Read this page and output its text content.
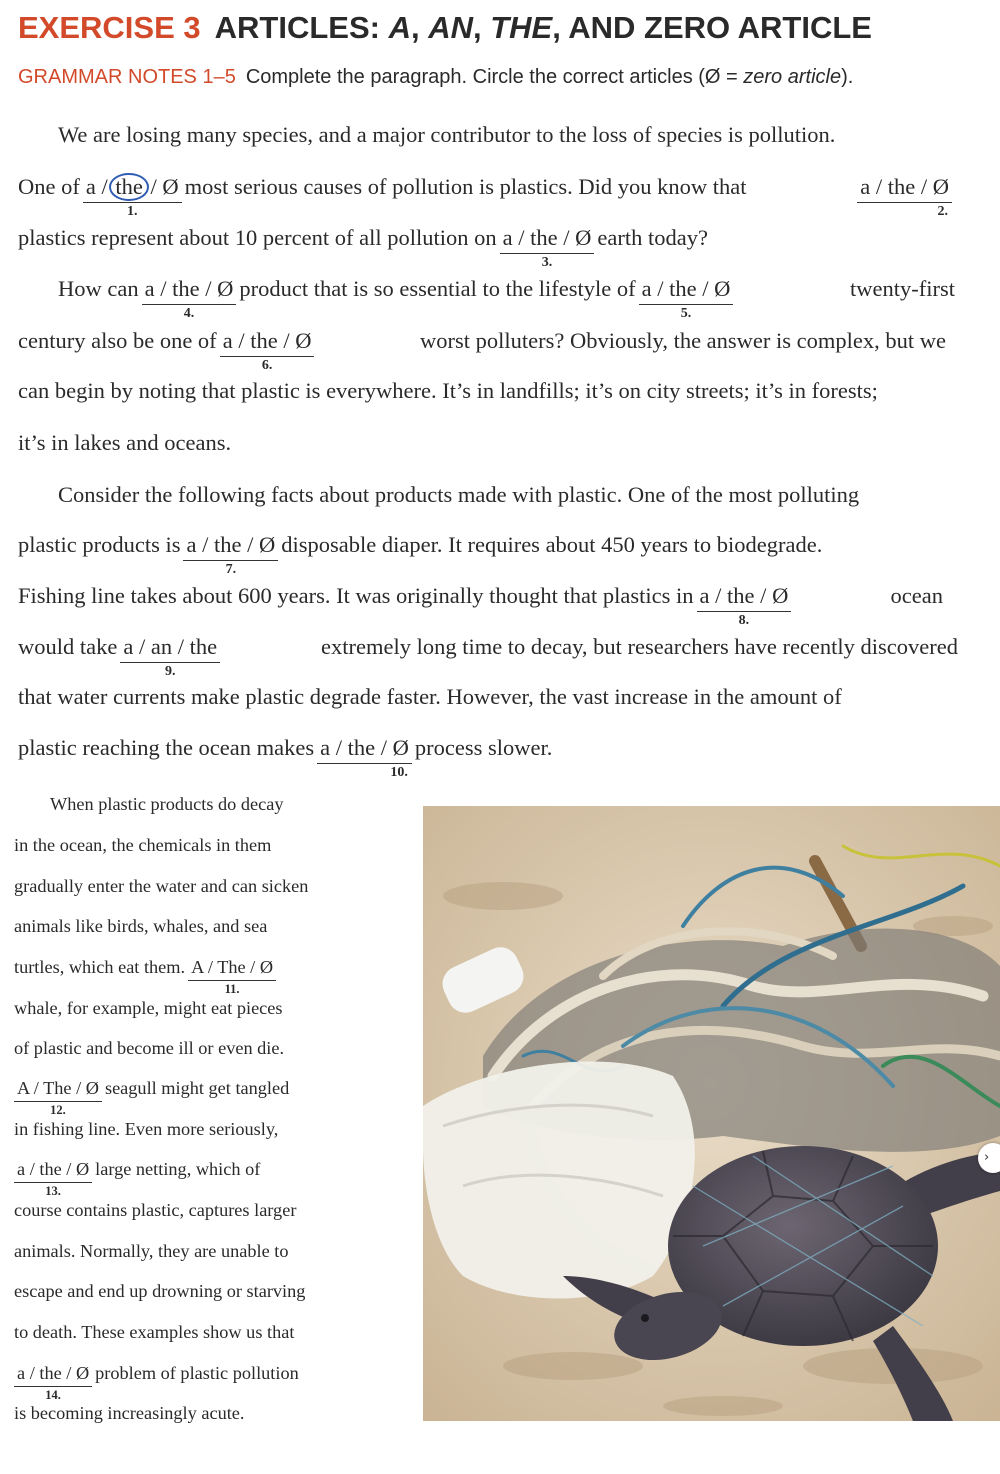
EXERCISE 3 ARTICLES: A, AN, THE, AND ZERO ARTICLE
GRAMMAR NOTES 1–5 Complete the paragraph. Circle the correct articles (Ø = zero article).
We are losing many species, and a major contributor to the loss of species is pollution.
One of a / the / Ø
1.
most serious causes of pollution is plastics. Did you know that	a / the / Ø
2.
plastics represent about 10 percent of all pollution on a / the / Ø
3.
earth today?
How can a / the / Ø
4.
product that is so essential to the lifestyle of a / the / Ø
5.
twenty-first
century also be one of a / the / Ø
6.
worst polluters? Obviously, the answer is complex, but we
can begin by noting that plastic is everywhere. It’s in landfills; it’s on city streets; it’s in forests;
it’s in lakes and oceans.
Consider the following facts about products made with plastic. One of the most polluting
plastic products is a / the / Ø
7.
disposable diaper. It requires about 450 years to biodegrade.
Fishing line takes about 600 years. It was originally thought that plastics in a / the / Ø
8.
ocean
would take a / an / the
9.
extremely long time to decay, but researchers have recently discovered
that water currents make plastic degrade faster. However, the vast increase in the amount of
plastic reaching the ocean makes a / the / Ø
10.
process slower.
When plastic products do decay
in the ocean, the chemicals in them
gradually enter the water and can sicken
animals like birds, whales, and sea
turtles, which eat them. A / The / Ø
11.
whale, for example, might eat pieces
of plastic and become ill or even die.
A / The / Ø
12.
seagull might get tangled
in fishing line. Even more seriously,
a / the / Ø
13.
large netting, which of
course contains plastic, captures larger
animals. Normally, they are unable to
escape and end up drowning or starving
to death. These examples show us that
a / the / Ø
14.
problem of plastic pollution
is becoming increasingly acute.
›
